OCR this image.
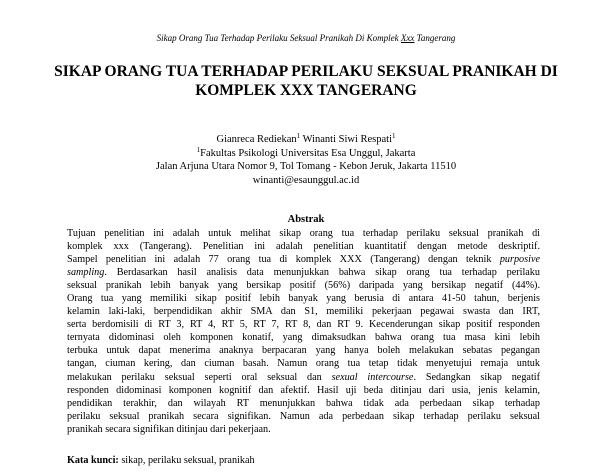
Sikap Orang Tua Terhadap Perilaku Seksual Pranikah Di Komplek Xxx Tangerang
SIKAP ORANG TUA TERHADAP PERILAKU SEKSUAL PRANIKAH DI
KOMPLEK XXX TANGERANG
Gianreca Rediekan$^1$ Winanti Siwi Respati$^1$
$^1$Fakultas Psikologi Universitas Esa Unggul, Jakarta
Jalan Arjuna Utara Nomor 9, Tol Tomang - Kebon Jeruk, Jakarta 11510
winanti@esaunggul.ac.id
Abstrak
Tujuan penelitian ini adalah untuk melihat sikap orang tua terhadap perilaku seksual pranikah di
komplek xxx (Tangerang). Penelitian ini adalah penelitian kuantitatif dengan metode deskriptif.
Sampel penelitian ini adalah 77 orang tua di komplek XXX (Tangerang) dengan teknik purposive
sampling. Berdasarkan hasil analisis data menunjukkan bahwa sikap orang tua terhadap perilaku
seksual pranikah lebih banyak yang bersikap positif (56%) daripada yang bersikap negatif (44%).
Orang tua yang memiliki sikap positif lebih banyak yang berusia di antara 41-50 tahun, berjenis
kelamin laki-laki, berpendidikan akhir SMA dan S1, memiliki pekerjaan pegawai swasta dan IRT,
serta berdomisili di RT 3, RT 4, RT 5, RT 7, RT 8, dan RT 9. Kecenderungan sikap positif responden
ternyata didominasi oleh komponen konatif, yang dimaksudkan bahwa orang tua masa kini lebih
terbuka untuk dapat menerima anaknya berpacaran yang hanya boleh melakukan sebatas pegangan
tangan, ciuman kering, dan ciuman basah. Namun orang tua tetap tidak menyetujui remaja untuk
melakukan perilaku seksual seperti oral seksual dan sexual intercourse. Sedangkan sikap negatif
responden didominasi komponen kognitif dan afektif. Hasil uji beda ditinjau dari usia, jenis kelamin,
pendidikan terakhir, dan wilayah RT menunjukkan bahwa tidak ada perbedaan sikap terhadap
perilaku seksual pranikah secara signifikan. Namun ada perbedaan sikap terhadap perilaku seksual
pranikah secara signifikan ditinjau dari pekerjaan.
Kata kunci: sikap, perilaku seksual, pranikah
